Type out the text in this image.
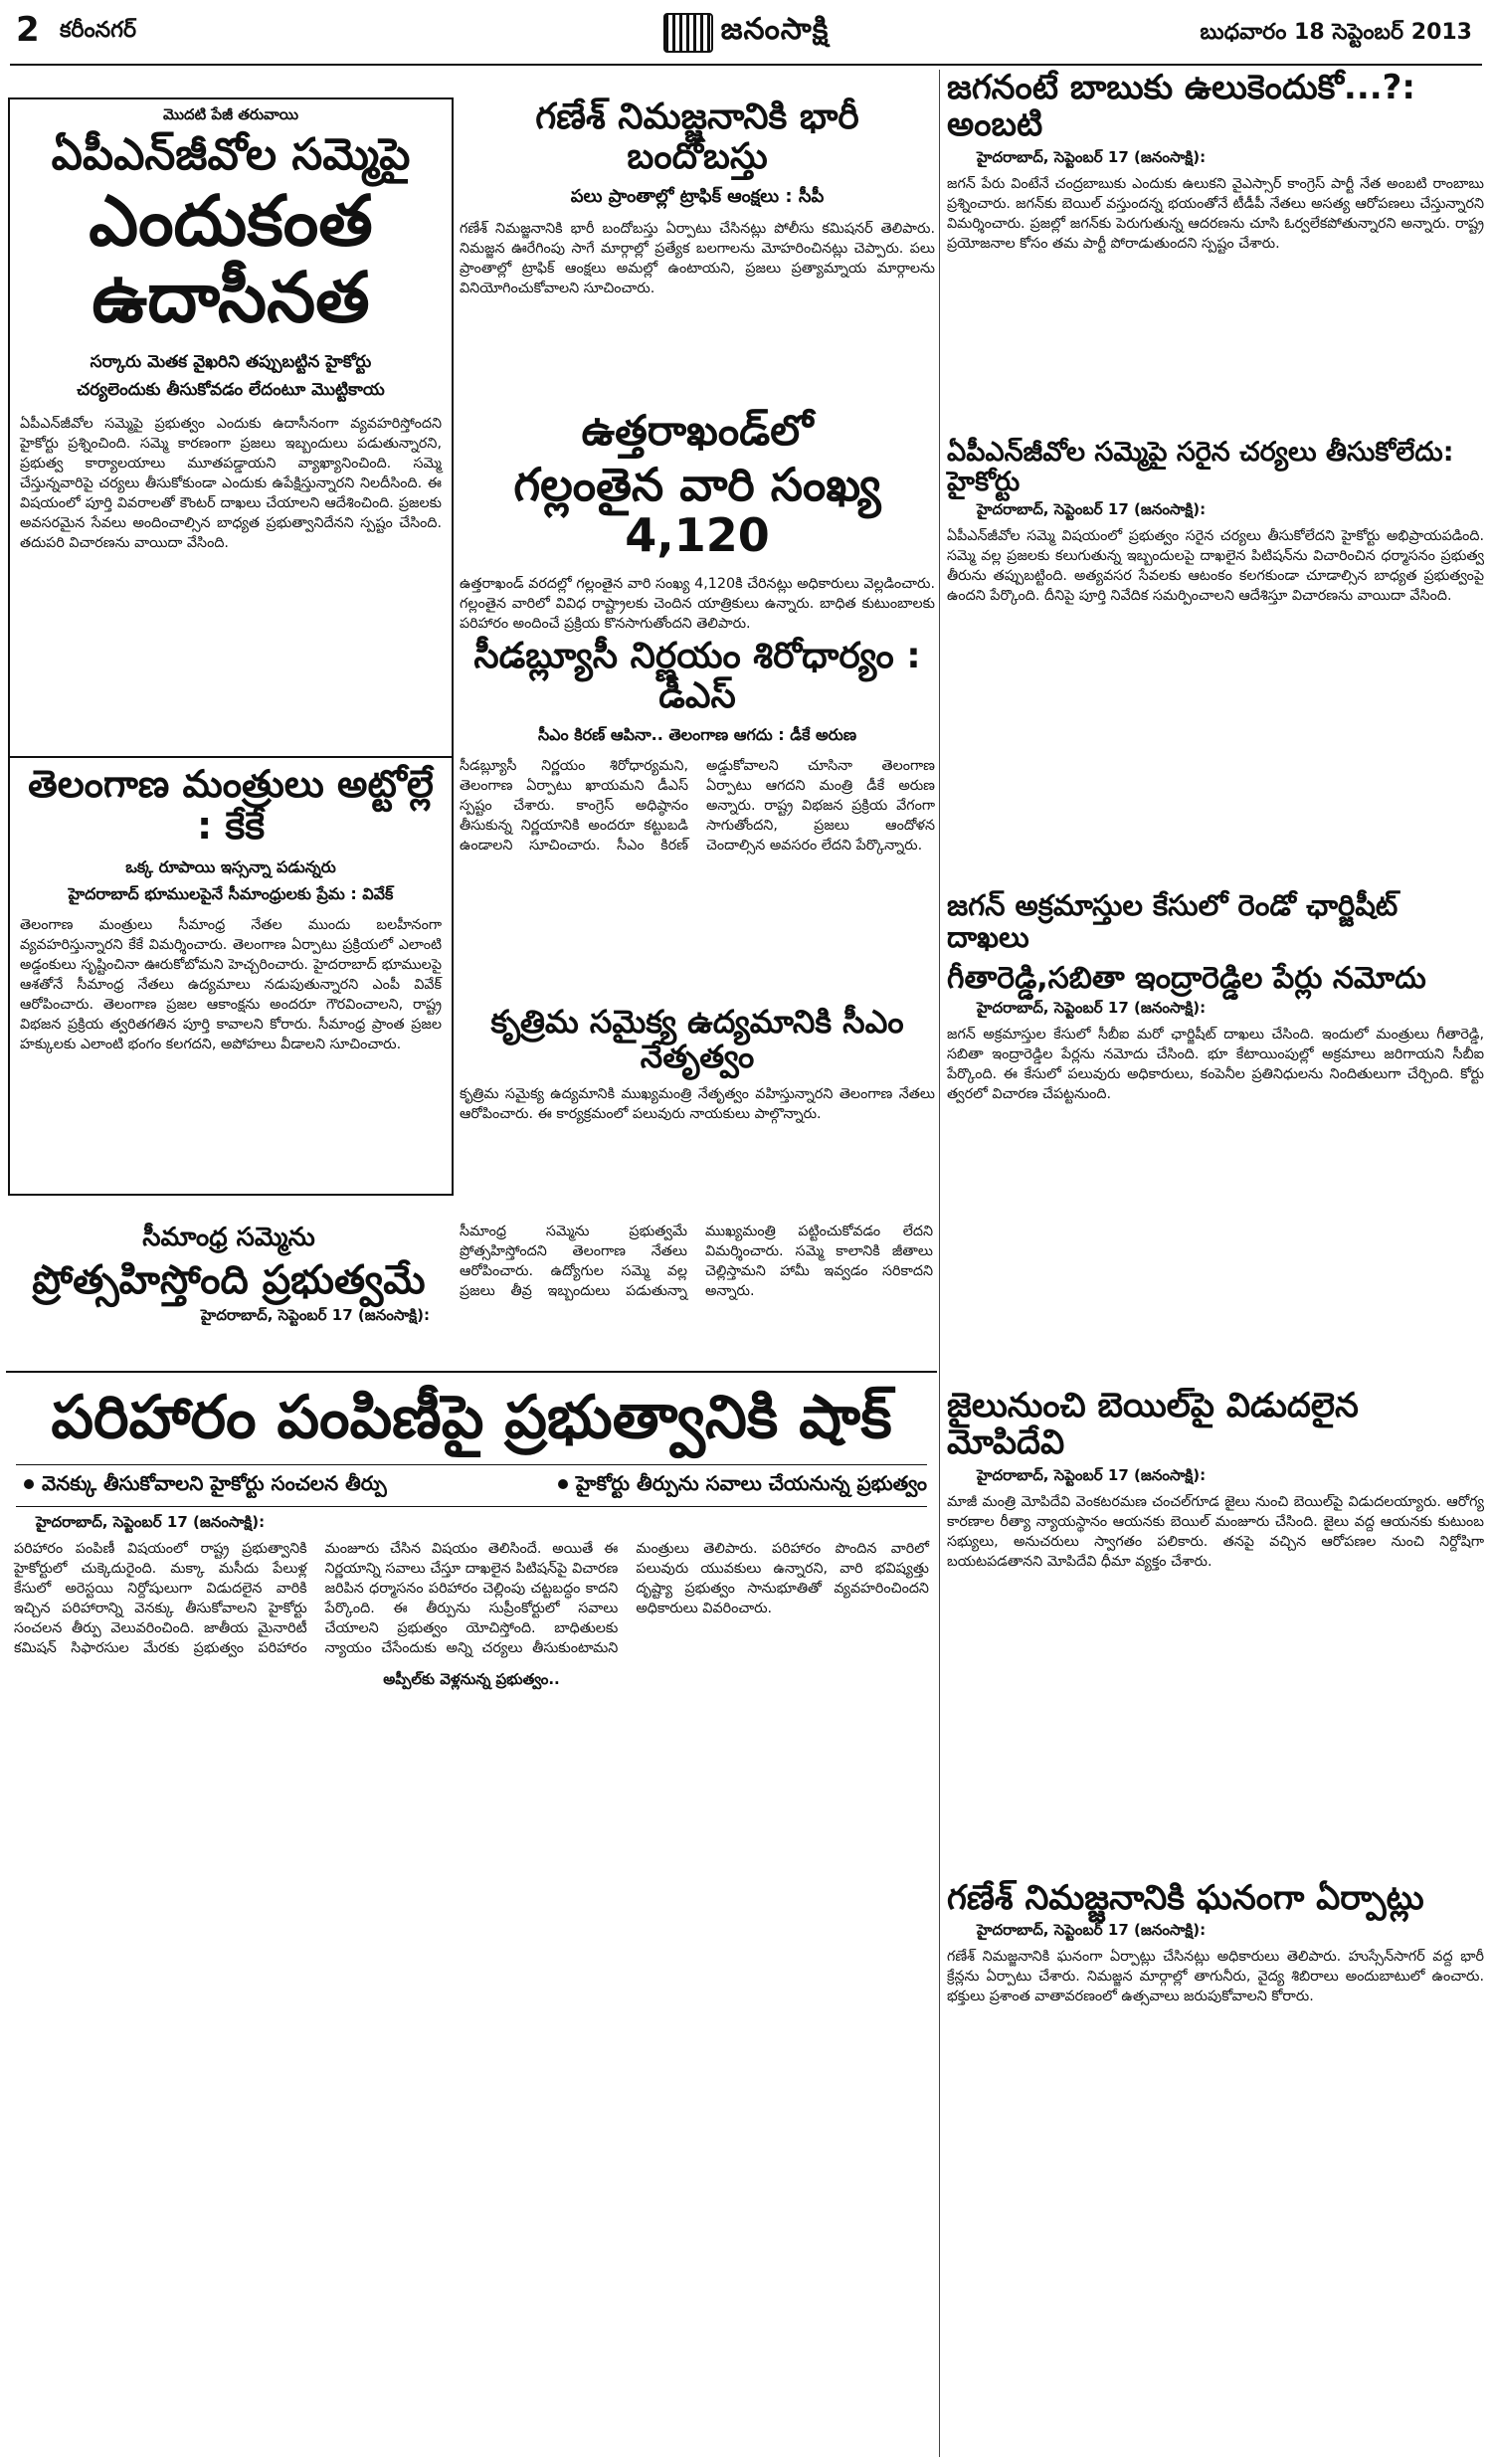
2 కరీంనగర్	జనంసాక్షి	బుధవారం 18 సెప్టెంబర్ 2013
మొదటి పేజీ తరువాయి
ఏపీఎన్‌జీవోల సమ్మెపై
ఎందుకంత ఉదాసీనత
సర్కారు మెతక వైఖరిని తప్పుబట్టిన హైకోర్టు
చర్యలెందుకు తీసుకోవడం లేదంటూ మొట్టికాయ

ఏపీఎన్‌జీవోల సమ్మెపై ప్రభుత్వం ఎందుకు ఉదాసీనంగా వ్యవహరిస్తోందని హైకోర్టు ప్రశ్నించింది. సమ్మె కారణంగా ప్రజలు ఇబ్బందులు పడుతున్నారని, ప్రభుత్వ కార్యాలయాలు మూతపడ్డాయని వ్యాఖ్యానించింది. సమ్మె చేస్తున్నవారిపై చర్యలు తీసుకోకుండా ఎందుకు ఉపేక్షిస్తున్నారని నిలదీసింది. ఈ విషయంలో పూర్తి వివరాలతో కౌంటర్‌ దాఖలు చేయాలని ఆదేశించింది. ప్రజలకు అవసరమైన సేవలు అందించాల్సిన బాధ్యత ప్రభుత్వానిదేనని స్పష్టం చేసింది. తదుపరి విచారణను వాయిదా వేసింది.

తెలంగాణ మంత్రులు అట్టోల్లే : కేకే
ఒక్క రూపాయి ఇస్సన్నా పడున్నరు
హైదరాబాద్‌ భూములపైనే సీమాంధ్రులకు ప్రేమ : వివేక్‌

తెలంగాణ మంత్రులు సీమాంధ్ర నేతల ముందు బలహీనంగా వ్యవహరిస్తున్నారని కేకే విమర్శించారు. తెలంగాణ ఏర్పాటు ప్రక్రియలో ఎలాంటి అడ్డంకులు సృష్టించినా ఊరుకోబోమని హెచ్చరించారు. హైదరాబాద్‌ భూములపై ఆశతోనే సీమాంధ్ర నేతలు ఉద్యమాలు నడుపుతున్నారని ఎంపీ వివేక్‌ ఆరోపించారు. తెలంగాణ ప్రజల ఆకాంక్షను అందరూ గౌరవించాలని, రాష్ట్ర విభజన ప్రక్రియ త్వరితగతిన పూర్తి కావాలని కోరారు. సీమాంధ్ర ప్రాంత ప్రజల హక్కులకు ఎలాంటి భంగం కలగదని, అపోహలు వీడాలని సూచించారు.

గణేశ్‌ నిమజ్జనానికి భారీ బందోబస్తు
పలు ప్రాంతాల్లో ట్రాఫిక్‌ ఆంక్షలు : సీపీ

గణేశ్‌ నిమజ్జనానికి భారీ బందోబస్తు ఏర్పాటు చేసినట్లు పోలీసు కమిషనర్‌ తెలిపారు. నిమజ్జన ఊరేగింపు సాగే మార్గాల్లో ప్రత్యేక బలగాలను మోహరించినట్లు చెప్పారు. పలు ప్రాంతాల్లో ట్రాఫిక్‌ ఆంక్షలు అమల్లో ఉంటాయని, ప్రజలు ప్రత్యామ్నాయ మార్గాలను వినియోగించుకోవాలని సూచించారు.

ఉత్తరాఖండ్‌లో
గల్లంతైన వారి సంఖ్య 4,120

ఉత్తరాఖండ్‌ వరదల్లో గల్లంతైన వారి సంఖ్య 4,120కి చేరినట్లు అధికారులు వెల్లడించారు. గల్లంతైన వారిలో వివిధ రాష్ట్రాలకు చెందిన యాత్రికులు ఉన్నారు. బాధిత కుటుంబాలకు పరిహారం అందించే ప్రక్రియ కొనసాగుతోందని తెలిపారు.

సీడబ్ల్యూసీ నిర్ణయం శిరోధార్యం : డీఎస్‌
సీఎం కిరణ్‌ ఆపినా.. తెలంగాణ ఆగదు : డీకే అరుణ

సీడబ్ల్యూసీ నిర్ణయం శిరోధార్యమని, తెలంగాణ ఏర్పాటు ఖాయమని డీఎస్‌ స్పష్టం చేశారు. కాంగ్రెస్‌ అధిష్ఠానం తీసుకున్న నిర్ణయానికి అందరూ కట్టుబడి ఉండాలని సూచించారు. సీఎం కిరణ్‌ అడ్డుకోవాలని చూసినా తెలంగాణ ఏర్పాటు ఆగదని మంత్రి డీకే అరుణ అన్నారు. రాష్ట్ర విభజన ప్రక్రియ వేగంగా సాగుతోందని, ప్రజలు ఆందోళన చెందాల్సిన అవసరం లేదని పేర్కొన్నారు.

కృత్రిమ సమైక్య ఉద్యమానికి సీఎం నేతృత్వం

కృత్రిమ సమైక్య ఉద్యమానికి ముఖ్యమంత్రి నేతృత్వం వహిస్తున్నారని తెలంగాణ నేతలు ఆరోపించారు. ఈ కార్యక్రమంలో పలువురు నాయకులు పాల్గొన్నారు.

జగనంటే బాబుకు ఉలుకెందుకో...?: అంబటి
హైదరాబాద్‌, సెప్టెంబర్‌ 17 (జనంసాక్షి):

జగన్‌ పేరు వింటేనే చంద్రబాబుకు ఎందుకు ఉలుకని వైఎస్సార్‌ కాంగ్రెస్‌ పార్టీ నేత అంబటి రాంబాబు ప్రశ్నించారు. జగన్‌కు బెయిల్‌ వస్తుందన్న భయంతోనే టీడీపీ నేతలు అసత్య ఆరోపణలు చేస్తున్నారని విమర్శించారు. ప్రజల్లో జగన్‌కు పెరుగుతున్న ఆదరణను చూసి ఓర్వలేకపోతున్నారని అన్నారు. రాష్ట్ర ప్రయోజనాల కోసం తమ పార్టీ పోరాడుతుందని స్పష్టం చేశారు.

ఏపీఎన్‌జీవోల సమ్మెపై సరైన చర్యలు తీసుకోలేదు: హైకోర్టు
హైదరాబాద్‌, సెప్టెంబర్‌ 17 (జనంసాక్షి):

ఏపీఎన్‌జీవోల సమ్మె విషయంలో ప్రభుత్వం సరైన చర్యలు తీసుకోలేదని హైకోర్టు అభిప్రాయపడింది. సమ్మె వల్ల ప్రజలకు కలుగుతున్న ఇబ్బందులపై దాఖలైన పిటిషన్‌ను విచారించిన ధర్మాసనం ప్రభుత్వ తీరును తప్పుబట్టింది. అత్యవసర సేవలకు ఆటంకం కలగకుండా చూడాల్సిన బాధ్యత ప్రభుత్వంపై ఉందని పేర్కొంది. దీనిపై పూర్తి నివేదిక సమర్పించాలని ఆదేశిస్తూ విచారణను వాయిదా వేసింది.

జగన్‌ అక్రమాస్తుల కేసులో రెండో ఛార్జిషీట్‌ దాఖలు
గీతారెడ్డి,సబితా ఇంద్రారెడ్డిల పేర్లు నమోదు
హైదరాబాద్‌, సెప్టెంబర్‌ 17 (జనంసాక్షి):

జగన్‌ అక్రమాస్తుల కేసులో సీబీఐ మరో ఛార్జిషీట్‌ దాఖలు చేసింది. ఇందులో మంత్రులు గీతారెడ్డి, సబితా ఇంద్రారెడ్డిల పేర్లను నమోదు చేసింది. భూ కేటాయింపుల్లో అక్రమాలు జరిగాయని సీబీఐ పేర్కొంది. ఈ కేసులో పలువురు అధికారులు, కంపెనీల ప్రతినిధులను నిందితులుగా చేర్చింది. కోర్టు త్వరలో విచారణ చేపట్టనుంది.

జైలునుంచి బెయిల్‌పై విడుదలైన మోపిదేవి
హైదరాబాద్‌, సెప్టెంబర్‌ 17 (జనంసాక్షి):

మాజీ మంత్రి మోపిదేవి వెంకటరమణ చంచల్‌గూడ జైలు నుంచి బెయిల్‌పై విడుదలయ్యారు. ఆరోగ్య కారణాల రీత్యా న్యాయస్థానం ఆయనకు బెయిల్‌ మంజూరు చేసింది. జైలు వద్ద ఆయనకు కుటుంబ సభ్యులు, అనుచరులు స్వాగతం పలికారు. తనపై వచ్చిన ఆరోపణల నుంచి నిర్దోషిగా బయటపడతానని మోపిదేవి ధీమా వ్యక్తం చేశారు.

గణేశ్‌ నిమజ్జనానికి ఘనంగా ఏర్పాట్లు
హైదరాబాద్‌, సెప్టెంబర్‌ 17 (జనంసాక్షి):

గణేశ్‌ నిమజ్జనానికి ఘనంగా ఏర్పాట్లు చేసినట్లు అధికారులు తెలిపారు. హుస్సేన్‌సాగర్‌ వద్ద భారీ క్రేన్లను ఏర్పాటు చేశారు. నిమజ్జన మార్గాల్లో తాగునీరు, వైద్య శిబిరాలు అందుబాటులో ఉంచారు. భక్తులు ప్రశాంత వాతావరణంలో ఉత్సవాలు జరుపుకోవాలని కోరారు.

సీమాంధ్ర సమ్మెను
ప్రోత్సహిస్తోంది ప్రభుత్వమే
హైదరాబాద్‌, సెప్టెంబర్‌ 17 (జనంసాక్షి):

సీమాంధ్ర సమ్మెను ప్రభుత్వమే ప్రోత్సహిస్తోందని తెలంగాణ నేతలు ఆరోపించారు. ఉద్యోగుల సమ్మె వల్ల ప్రజలు తీవ్ర ఇబ్బందులు పడుతున్నా ముఖ్యమంత్రి పట్టించుకోవడం లేదని విమర్శించారు. సమ్మె కాలానికి జీతాలు చెల్లిస్తామని హామీ ఇవ్వడం సరికాదని అన్నారు.

పరిహారం పంపిణీపై ప్రభుత్వానికి షాక్‌
వెనక్కు తీసుకోవాలని హైకోర్టు సంచలన తీర్పు	హైకోర్టు తీర్పును సవాలు చేయనున్న ప్రభుత్వం
హైదరాబాద్‌, సెప్టెంబర్‌ 17 (జనంసాక్షి):

పరిహారం పంపిణీ విషయంలో రాష్ట్ర ప్రభుత్వానికి హైకోర్టులో చుక్కెదురైంది. మక్కా మసీదు పేలుళ్ల కేసులో అరెస్టయి నిర్దోషులుగా విడుదలైన వారికి ఇచ్చిన పరిహారాన్ని వెనక్కు తీసుకోవాలని హైకోర్టు సంచలన తీర్పు వెలువరించింది. జాతీయ మైనారిటీ కమిషన్‌ సిఫారసుల మేరకు ప్రభుత్వం పరిహారం మంజూరు చేసిన విషయం తెలిసిందే. అయితే ఈ నిర్ణయాన్ని సవాలు చేస్తూ దాఖలైన పిటిషన్‌పై విచారణ జరిపిన ధర్మాసనం పరిహారం చెల్లింపు చట్టబద్ధం కాదని పేర్కొంది. ఈ తీర్పును సుప్రీంకోర్టులో సవాలు చేయాలని ప్రభుత్వం యోచిస్తోంది. బాధితులకు న్యాయం చేసేందుకు అన్ని చర్యలు తీసుకుంటామని మంత్రులు తెలిపారు. పరిహారం పొందిన వారిలో పలువురు యువకులు ఉన్నారని, వారి భవిష్యత్తు దృష్ట్యా ప్రభుత్వం సానుభూతితో వ్యవహరించిందని అధికారులు వివరించారు.

అప్పీల్‌కు వెళ్లనున్న ప్రభుత్వం..
